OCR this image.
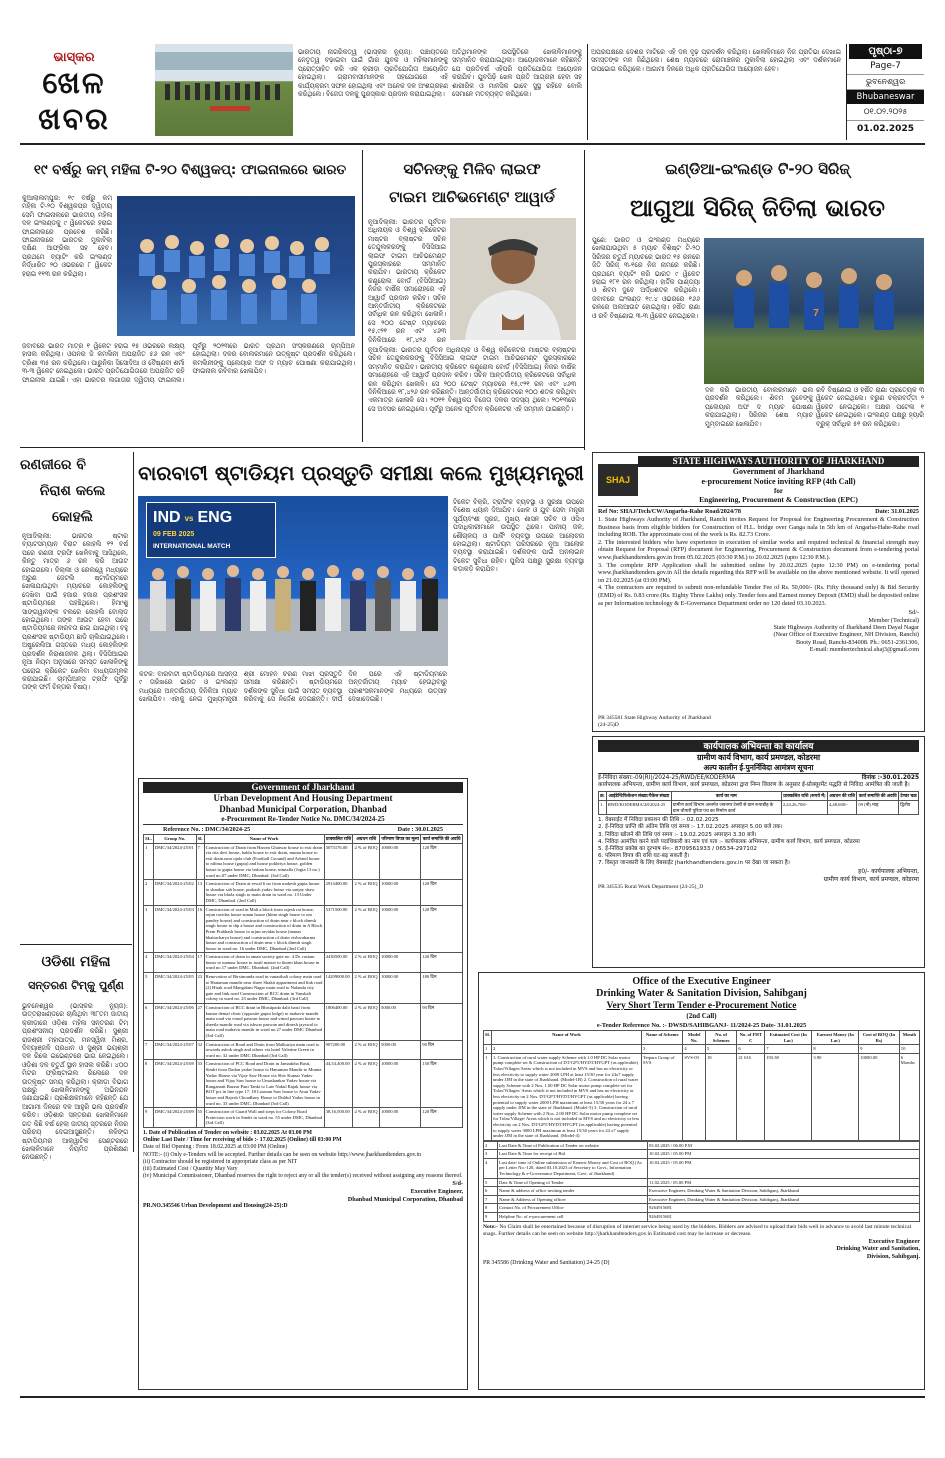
ଭାସ୍କର
ଖେଳ
ଖବର
ଭାରତୀୟ ନାଗରିକତ୍ୱ (ଭାସ୍କର ନ୍ୟୁଜ): ପଞ୍ଚାୟତରେ ନେତୃତ୍ୱ ବଢ଼ାଇବା ପାଇଁ ଗାଁର ଯୁବକ ଓ ମହିଳାମାନଙ୍କୁ ପ୍ରୋତ୍ସାହିତ କରି ଏକ କ୍ରୀଡ଼ା ପ୍ରତିଯୋଗିତା ଆୟୋଜିତ ହୋଇଥିଲା। ଗ୍ରାମବାସୀମାନଙ୍କ ସହଯୋଗରେ ଏହି କାର୍ଯ୍ୟକ୍ରମ ସଫଳ ହୋଇଥିଲା ଏବଂ ଅନେକ ଦଳ ଅଂଶଗ୍ରହଣ କରିଥିଲେ। ବିଜେତା ଦଳକୁ ପୁରସ୍କାର ପ୍ରଦାନ କରାଯାଇଥିଲା।
ଅତିଥିମାନଙ୍କ ଉପସ୍ଥିତିରେ ଖେଳାଳିମାନଙ୍କୁ ସମ୍ମାନିତ କରାଯାଇଥିଲା। ଆୟୋଜକମାନେ କହିଛନ୍ତି ଯେ ପ୍ରତିବର୍ଷ ଏହିପରି ପ୍ରତିଯୋଗିତା ଆୟୋଜନ କରାଯିବ। ଯୁବପିଢ଼ି ଖେଳ ପ୍ରତି ଆଗ୍ରହୀ ହେବା ସହ ଶାରୀରିକ ଓ ମାନସିକ ଭାବେ ସୁସ୍ଥ ରହିବେ ବୋଲି ସେମାନେ ମତବ୍ୟକ୍ତ କରିଥିଲେ।
ଅପରପକ୍ଷରେ ଦେଶର ମାଟିରେ ଏହି ଦଳ ଦୃଢ଼ ପ୍ରଦର୍ଶନ କରିଥିଲା। ଖେଳାଳିମାନେ ନିଜ ପ୍ରତିଭା ଦେଖାଇ ସମସ୍ତଙ୍କ ମନ ଜିଣିଥିଲେ। ଶେଷ ମ୍ୟାଚରେ ରୋମାଞ୍ଚକର ମୁକାବିଲା ହୋଇଥିଲା ଏବଂ ଦର୍ଶକମାନେ ଉପଭୋଗ କରିଥିଲେ। ଆଗାମୀ ଦିନରେ ଅଧିକ ପ୍ରତିଯୋଗିତା ଆୟୋଜନ ହେବ।
ପୃଷ୍ଠା-୭
Page-7
ଭୁବନେଶ୍ୱର
Bhubaneswar
୦୧.୦୨.୨୦୨୫
01.02.2025
୧୯ ବର୍ଷରୁ କମ୍ ମହିଳା ଟି-୨୦ ବିଶ୍ୱକପ୍: ଫାଇନାଲରେ ଭାରତ
କୁଆଲାଲମ୍ପୁର: ୧୯ ବର୍ଷରୁ କମ୍ ମହିଳା ଟି-୨୦ ବିଶ୍ୱକପ୍ର ଦ୍ୱିତୀୟ ସେମି ଫାଇନାଲରେ ଭାରତୀୟ ମହିଳା ଦଳ ଇଂଲଣ୍ଡକୁ ୯ ୱିକେଟରେ ହରାଇ ଫାଇନାଲରେ ପ୍ରବେଶ କରିଛି। ଫାଇନାଲରେ ଭାରତର ମୁକାବିଲା ଦକ୍ଷିଣ ଆଫ୍ରିକା ସହ ହେବ। ପ୍ରଥମେ ବ୍ୟାଟିଂ କରି ଇଂଲଣ୍ଡ ନିର୍ଦ୍ଧାରିତ ୨୦ ଓଭରରେ ୮ ୱିକେଟ ହରାଇ ୧୧୩ ରନ କରିଥିଲା।
ଜବାବରେ ଭାରତ ମାତ୍ର ୧ ୱିକେଟ ହରାଇ ୧୫ ଓଭରରେ ଲକ୍ଷ୍ୟ ହାସଲ କରିଥିଲା। ଓପନର ଜି କମଲିନୀ ଅପରାଜିତ ୫୬ ରନ ଏବଂ ତ୍ରିଶା ୩୫ ରନ କରିଥିଲେ। ପାରୁନିକା ସିସୋଦିଆ ଓ ବୈଷ୍ଣବୀ ଶର୍ମା ୩-୩ ୱିକେଟ ନେଇଥିଲେ। ଭାରତ ପ୍ରତିଯୋଗିତାରେ ଅପରାଜିତ ରହି ଫାଇନାଲ ଯାଇଛି। ଏହା ଭାରତର ଲଗାତାର ଦ୍ୱିତୀୟ ଫାଇନାଲ। ପୂର୍ବରୁ ୨୦୨୩ରେ ଭାରତ ପ୍ରଥମ ସଂସ୍କରଣରେ ଚାମ୍ପିଅନ ହୋଇଥିଲା। ଦଳର ବୋଲରମାନେ ଉତ୍କୃଷ୍ଟ ପ୍ରଦର୍ଶନ କରିଥିଲେ। କମଲିନୀଙ୍କୁ ପ୍ଲେୟାର ଅଫ ଦ ମ୍ୟାଚ ଘୋଷଣା କରାଯାଇଥିଲା। ଫାଇନାଲ ରବିବାର ଖେଳାଯିବ।
ସଚିନଙ୍କୁ ମିଳିବ ଲାଇଫ
ଟାଇମ ଆଚିଭମେଣ୍ଟ ଆୱାର୍ଡ
ନୂଆଦିଲ୍ଲୀ: ଭାରତର ପୂର୍ବତନ ଅଧିନାୟକ ଓ ବିଶ୍ୱ କ୍ରିକେଟର ମାଷ୍ଟର ବ୍ଲାଷ୍ଟର ସଚିନ ତେନ୍ଦୁଲକରଙ୍କୁ ବିସିସିଆଇ ଲାଇଫ ଟାଇମ ଆଚିଭମେଣ୍ଟ ପୁରସ୍କାରରେ ସମ୍ମାନିତ କରାଯିବ। ଭାରତୀୟ କ୍ରିକେଟ କଣ୍ଟ୍ରୋଲ ବୋର୍ଡ (ବିସିସିଆଇ) ନିଜର ବାର୍ଷିକ ସମାରୋହରେ ଏହି ଆୱାର୍ଡ ପ୍ରଦାନ କରିବ। ସଚିନ ଆନ୍ତର୍ଜାତୀୟ କ୍ରିକେଟରେ ସର୍ବାଧିକ ରନ କରିଥିବା ଖେଳାଳି। ସେ ୨୦୦ ଟେଷ୍ଟ ମ୍ୟାଚରେ ୧୫,୯୨୧ ରନ ଏବଂ ୪୬୩ ଦିନିକିଆରେ ୧୮,୪୨୬ ରନ
ନୂଆଦିଲ୍ଲୀ: ଭାରତର ପୂର୍ବତନ ଅଧିନାୟକ ଓ ବିଶ୍ୱ କ୍ରିକେଟର ମାଷ୍ଟର ବ୍ଲାଷ୍ଟର ସଚିନ ତେନ୍ଦୁଲକରଙ୍କୁ ବିସିସିଆଇ ଲାଇଫ ଟାଇମ ଆଚିଭମେଣ୍ଟ ପୁରସ୍କାରରେ ସମ୍ମାନିତ କରାଯିବ। ଭାରତୀୟ କ୍ରିକେଟ କଣ୍ଟ୍ରୋଲ ବୋର୍ଡ (ବିସିସିଆଇ) ନିଜର ବାର୍ଷିକ ସମାରୋହରେ ଏହି ଆୱାର୍ଡ ପ୍ରଦାନ କରିବ। ସଚିନ ଆନ୍ତର୍ଜାତୀୟ କ୍ରିକେଟରେ ସର୍ବାଧିକ ରନ କରିଥିବା ଖେଳାଳି। ସେ ୨୦୦ ଟେଷ୍ଟ ମ୍ୟାଚରେ ୧୫,୯୨୧ ରନ ଏବଂ ୪୬୩ ଦିନିକିଆରେ ୧୮,୪୨୬ ରନ କରିଛନ୍ତି। ଆନ୍ତର୍ଜାତୀୟ କ୍ରିକେଟରେ ୧୦୦ ଶତକ କରିଥିବା ଏକମାତ୍ର ଖେଳାଳି ସେ। ୨୦୧୧ ବିଶ୍ୱକପ ବିଜେତା ଦଳର ସଦସ୍ୟ ଥିଲେ। ୨୦୧୩ରେ ସେ ଅବସର ନେଇଥିଲେ। ପୂର୍ବରୁ ଅନେକ ପୂର୍ବତନ କ୍ରିକେଟର ଏହି ସମ୍ମାନ ପାଇଛନ୍ତି।
ଇଣ୍ଡିଆ-ଇଂଲଣ୍ଡ ଟି-୨୦ ସିରିଜ୍
ଆଗୁଆ ସିରିଜ୍ ଜିତିଲା ଭାରତ
ପୁଣେ: ଭାରତ ଓ ଇଂଲଣ୍ଡ ମଧ୍ୟରେ ଖେଳାଯାଉଥିବା ୫ ମ୍ୟାଚ ବିଶିଷ୍ଟ ଟି-୨୦ ସିରିଜର ଚତୁର୍ଥ ମ୍ୟାଚରେ ଭାରତ ୧୫ ରନରେ ଜିତି ସିରିଜ୍ ୩-୧ରେ ନିଜ ନାମରେ କରିଛି। ପ୍ରଥମେ ବ୍ୟାଟିଂ କରି ଭାରତ ୯ ୱିକେଟ ହରାଇ ୧୮୧ ରନ କରିଥିଲା। ହାର୍ଦ୍ଦିକ ପାଣ୍ଡ୍ୟା ଓ ଶିବମ ଦୁବେ ଅର୍ଦ୍ଧଶତକ କରିଥିଲେ। ଜବାବରେ ଇଂଲଣ୍ଡ ୧୯.୪ ଓଭରରେ ୧୬୬ ରନରେ ଅଲଆଉଟ ହୋଇଥିଲା। ହର୍ଷିତ ରାଣା ଓ ରବି ବିଷ୍ଣୋଇ ୩-୩ ୱିକେଟ ନେଇଥିଲେ।	7
ଦଳ କରି ଭାରତୀୟ ବୋଲରମାନେ ଭଲ ପ୍ରଦର୍ଶନ କରିଥିଲେ। ଶିବମ ଦୁବେଙ୍କୁ ପ୍ଲେୟାର ଅଫ ଦ ମ୍ୟାଚ ଘୋଷଣା କରାଯାଇଥିଲା। ସିରିଜର ଶେଷ ମ୍ୟାଚ ମୁମ୍ବାଇରେ ଖେଳାଯିବ।
ରବି ବିଷ୍ଣୋଇ ଓ ହର୍ଷିତ ରାଣା ପ୍ରତ୍ୟେକ ୩ ୱିକେଟ ନେଇଥିଲେ। ବରୁଣ ଚକ୍ରବର୍ତ୍ତୀ ୨ ୱିକେଟ ନେଇଥିଲେ। ଅକ୍ଷର ପଟେଲ ୧ ୱିକେଟ ନେଇଥିଲେ। ଇଂଲଣ୍ଡ ପକ୍ଷରୁ ହ୍ୟାରି ବ୍ରୁକ୍ ସର୍ବାଧିକ ୫୧ ରନ କରିଥିଲେ।
SHAJ
STATE HIGHWAYS AUTHORITY OF JHARKHAND
Government of Jharkhand
e-procurement Notice inviting RFP (4th Call)
for
Engineering, Procurement & Construction (EPC)
Ref No: SHAJ/Tech/CW/Angarha-Rahe Road/2024/78	Date: 31.01.2025

1. State Highways Authority of Jharkhand, Ranchi invites Request for Proposal for Engineering Procurement & Construction Business basis from eligible bidders for Construction of H.L. bridge over Ganga nala in 5th km of Angarha-Hahe-Rahe road including ROB. The approximate cost of the work is Rs. 82.73 Crore.

2. The interested bidders who have experience in execution of similar works and required technical & financial strength may obtain Request for Proposal (RFP) document for Engineering, Procurement & Construction document from e-tendering portal www.jharkhandtenders.gov.in from 05.02.2025 (03:30 P.M.) to 20.02.2025 (upto 12:30 P.M.).

3. The complete RFP Application shall be submitted online by 20.02.2025 (upto 12:30 PM) on e-tendering portal www.jharkhandtenders.gov.in All the details regarding this RFP will be available on the above mentioned website. It will opened on 21.02.2025 (at 03:00 PM).

4. The contractors are required to submit non-refundable Tender Fee of Rs. 50,000/- (Rs. Fifty thousand only) & Bid Security (EMD) of Rs. 0.83 crore (Rs. Eighty Three Lakhs) only. Tender fees and Earnest money Deposit (EMD) shall be deposited online as per Information technology & E-Governance Department order no 120 dated 03.10.2023.

Sd/-
Member (Technical)
State Highways Authority of Jharkhand Deen Dayal Nagar
(Near Office of Executive Engineer, NH Division, Ranchi)
Booty Road, Ranchi-834008. Ph.: 0651-2361306,
E-mail: membertechnical.shaj3@gmail.com
PR 345581 State Highway Authority of Jharkhand (24-25)D
कार्यपालक अभियन्ता का कार्यालय
ग्रामीण कार्य विभाग, कार्य प्रमण्डल, कोडरमा
अल्प कालीन ई-पुनर्निविदा आमंत्रण सूचना
ई-निविदा संख्या:-09(RI)/2024-25/RWD/EE/KODERMA	दिनांक :-30.01.2025
कार्यपालक अभियन्ता, ग्रामीण कार्य विभाग, कार्य प्रमण्डल, कोडरमा द्वारा निम्न विवरण के अनुसार ई-प्रोक्यूरमेंट पद्धति से निविदा आमंत्रित की जाती है।
क्र.	आईडेन्टिफिकेशन संख्या/पैकेज संख्या	कार्य का नाम	प्राक्कलित राशि (रूपये में)	अग्रधन की राशि	कार्य समाप्ति की अवधि	टेण्डर चक्र
1	RWD/KODERMA/28/2024-25	ग्रामीण कार्य विभाग अन्तर्गत जयनगर टेसरी से ग्राम रूपाडीह के ग्राम चौपारी पुरिया पथ का निर्माण कार्य	2,24,26,708/-	4,48,600/-	09 (नौ) माह	द्वितीय
1. वेबसाईट में निविदा प्रकाशन की तिथि :- 02.02.2025
2. ई-निविदा प्राप्ति की अंतिम तिथि एवं समय :- 17.02.2025 अपराहन 5.00 बजे तक।
3. निविदा खोलने की तिथि एवं समय :- 19.02.2025 अपराहन 3.30 बजे।
4. निविदा आमंत्रित करने वाले पदाधिकारी का नाम एवं पता :- कार्यपालक अभियन्ता, ग्रामीण कार्य विभाग, कार्य प्रमण्डल, कोडरमा
5. ई-निविदा प्रकोष्ठ का दूरभाष सं०:- 8709561933 / 06534-297102
6. परिमाण विपत्र की राशि घट-बढ़ सकती है।
7. विस्तृत जानकारी के लिए वेबसाईट jharkhandtenders.gov.in पर देखा जा सकता है।
ह0/- कार्यपालक अभियन्ता,
ग्रामीण कार्य विभाग, कार्य प्रमण्डल, कोडरमा
PR 345535 Rural Work Department (24-25)_D
ରଣଜୀରେ ବି
ନିରାଶ କଲେ
କୋହଲି
ନୂଆଦିଲ୍ଲୀ: ଭାରତର ଷ୍ଟାର ବ୍ୟାଟସମ୍ୟାନ ବିରାଟ କୋହଲି ୧୨ ବର୍ଷ ପରେ ରଣଜୀ ଟ୍ରଫି ଖେଳିବାକୁ ଆସିଥିଲେ, କିନ୍ତୁ ମାତ୍ର ୬ ରନ କରି ଆଉଟ ହୋଇଗଲେ। ଦିଲ୍ଲୀ ଓ ରେଲୱେ ମଧ୍ୟରେ ଅରୁଣ ଜେଟଲି ଷ୍ଟାଡିୟମରେ ଖେଳାଯାଉଥିବା ମ୍ୟାଚରେ କୋହଲିଙ୍କୁ ଦେଖିବା ପାଇଁ ହଜାର ହଜାର ପ୍ରଶଂସକ ଷ୍ଟାଡିୟମରେ ପହଞ୍ଚିଥିଲେ। ହିମାଂଶୁ ସାଙ୍ଗୱାନଙ୍କ ବଲରେ କୋହଲି ବୋଲ୍ଡ ହୋଇଥିଲେ। ତାଙ୍କ ଆଉଟ ହେବା ପରେ ଷ୍ଟାଡିୟମରେ ନୀରବତା ଛାଇ ଯାଇଥିଲା। ବହୁ ପ୍ରଶଂସକ ଷ୍ଟାଡିୟମ ଛାଡ଼ି ଚାଲିଯାଇଥିଲେ। ଅଷ୍ଟ୍ରେଲିଆ ଗସ୍ତରେ ମଧ୍ୟ କୋହଲିଙ୍କ ପ୍ରଦର୍ଶନ ନିରାଶାଜନକ ଥିଲା। ବିସିସିଆଇର ନୂଆ ନିୟମ ଅନୁସାରେ ସମସ୍ତ ଖେଳାଳିଙ୍କୁ ଘରୋଇ କ୍ରିକେଟ ଖେଳିବା ବାଧ୍ୟତାମୂଳକ କରାଯାଇଛି। ଚାମ୍ପିଅନ୍ସ ଟ୍ରଫି ପୂର୍ବରୁ ତାଙ୍କ ଫର୍ମ ଚିନ୍ତାର ବିଷୟ।
ବାରବାଟୀ ଷ୍ଟାଡିୟମ ପ୍ରସ୍ତୁତି ସମୀକ୍ଷା କଲେ ମୁଖ୍ୟମନ୍ତ୍ରୀ
IND vs ENG
09 FEB 2025
INTERNATIONAL MATCH
ଟିକେଟ ବିକ୍ରି, ଟ୍ରାଫିକ ବ୍ୟବସ୍ଥା ଓ ସୁରକ୍ଷା ଉପରେ ବିଶେଷ ଧ୍ୟାନ ଦିଆଯିବ। ଖେଳ ଓ ଯୁବ ସେବା ମନ୍ତ୍ରୀ ସୂର୍ଯ୍ୟବଂଶୀ ସୂରଜ, ମୁଖ୍ୟ ଶାସନ ସଚିବ ଓ ଓସିଏ ପଦାଧିକାରୀମାନେ ଉପସ୍ଥିତ ଥିଲେ। ପାନୀୟ ଜଳ, ଶୌଚାଳୟ ଓ ପାର୍କିଂ ବ୍ୟବସ୍ଥା ଉପରେ ଆଲୋଚନା ହୋଇଥିଲା। ଷ୍ଟାଡିୟମ ପରିସରରେ ନୂଆ ଆଲୋକ ବ୍ୟବସ୍ଥା କରାଯାଇଛି। ଦର୍ଶକଙ୍କ ପାଇଁ ଅନଲାଇନ ଟିକେଟ ସୁବିଧା ରହିବ। ପୁଲିସ ପକ୍ଷରୁ ସୁରକ୍ଷା ବ୍ୟବସ୍ଥା କଡ଼ାକଡ଼ି କରାଯିବ।
କଟକ: ବାରବାଟୀ ଷ୍ଟାଡିୟମରେ ଆସନ୍ତା ୯ ତାରିଖରେ ଭାରତ ଓ ଇଂଲଣ୍ଡ ମଧ୍ୟରେ ଅନ୍ତର୍ଜାତୀୟ ଦିନିକିଆ ମ୍ୟାଚ ଖେଳାଯିବ। ଏହାକୁ ନେଇ ମୁଖ୍ୟମନ୍ତ୍ରୀ ଶ୍ରୀ ମୋହନ ଚରଣ ମାଝୀ ପ୍ରସ୍ତୁତି ସମୀକ୍ଷା କରିଛନ୍ତି। ଷ୍ଟାଡିୟମରେ ଦର୍ଶକଙ୍କ ସୁବିଧା ପାଇଁ ସମସ୍ତ ବ୍ୟବସ୍ଥା କରିବାକୁ ସେ ନିର୍ଦ୍ଦେଶ ଦେଇଛନ୍ତି। ଦୀର୍ଘ ଦିନ ପରେ ଏହି ଷ୍ଟାଡିୟମରେ ଅନ୍ତର୍ଜାତୀୟ ମ୍ୟାଚ ହେଉଥିବାରୁ ପ୍ରଶଂସକମାନଙ୍କ ମଧ୍ୟରେ ଉତ୍ସାହ ଦେଖାଦେଇଛି।
ଓଡିଶା ମହିଳା
ସନ୍ତରଣ ଟିମ୍କୁ ପୁର୍ଣ୍ଣ
ଭୁବନେଶ୍ୱର (ଭାସ୍କର ନ୍ୟୁଜ): ଉତ୍ତରାଖଣ୍ଡରେ ଚାଲିଥିବା ୩୮ତମ ଜାତୀୟ କ୍ରୀଡ଼ାରେ ଓଡ଼ିଶା ମହିଳା ସନ୍ତରଣ ଟିମ୍ ପ୍ରଶଂସନୀୟ ପ୍ରଦର୍ଶନ କରିଛି। ସୁଶ୍ରୀ ରାଜଶ୍ରୀ ମହାପାତ୍ର, ମନସ୍ୱିନୀ ମିଶ୍ର, ଦିବ୍ୟାଞ୍ଜଳି ପ୍ରଧାନ ଓ ସୁଶ୍ରୀ ଭୟଶ୍ରୀ ଦଳ ରିଲେ ଇଭେଣ୍ଟରେ ଭାଗ ନେଇଥିଲେ। ଓଡ଼ିଶା ଦଳ ଚତୁର୍ଥ ସ୍ଥାନ ହାସଲ କରିଛି। ୪୦୦ ମିଟର ଫ୍ରିଷ୍ଟାଇଲ ରିଲେରେ ଦଳ ଉତ୍କୃଷ୍ଟ ସମୟ କରିଥିଲା। କ୍ରୀଡ଼ା ବିଭାଗ ପକ୍ଷରୁ ଖେଳାଳିମାନଙ୍କୁ ଅଭିନନ୍ଦନ ଜଣାଯାଇଛି। ପ୍ରଶିକ୍ଷକମାନେ କହିଛନ୍ତି ଯେ ଆଗାମୀ ଦିନରେ ଦଳ ଆହୁରି ଭଲ ପ୍ରଦର୍ଶନ କରିବ। ଓଡ଼ିଶାର ସନ୍ତରଣ ଖେଳାଳିମାନେ ଗତ କିଛି ବର୍ଷ ହେଲା ଜାତୀୟ ସ୍ତରରେ ନିଜର ପରିଚୟ ଦେଇଆସୁଛନ୍ତି। କଳିଙ୍ଗ ଷ୍ଟାଡିୟମର ଆକ୍ୱାଟିକ ସେଣ୍ଟରରେ ଖେଳାଳିମାନେ ନିୟମିତ ପ୍ରଶିକ୍ଷଣ ନେଉଛନ୍ତି।
Government of Jharkhand
Urban Development And Housing Department
Dhanbad Municipal Corporation, Dhanbad
e-Procurement Re-Tender Notice No. DMC/34/2024-25
Reference No. : DMC/34/2024-25	Date : 30.01.2025
SL.	Group No.	Sl.	Name of Work	प्राक्कलित राशि	अग्रधन राशि	परिमाण विपत्र का मूल्य	कार्य समाप्ति की अवधि
1	DMC/34/2024-25/01	7	Construction of Drain from Harom Ghatwar house to exit drain via rita devi house, bablu house to exit drain, muma house to exit drain near ujala club (Football Ground) and Arbind house to nilima house (gupta) and house pokhriya house, golden house to gupta house via lashan house, nimtalla (Jogta 13 no.) ward no.07 under DMC, Dhanbad. (3rd Call)	3073176.00	2 % of BOQ	10000.00	120 दिन
2	DMC/34/2024-25/02	13	Construction of Drain at erwal 6 no from mahesh gupta house to shankar sah house, prakash yadav house via sanjay shaw house via bhola singh to main drain in ward no. 13 Under DMC, Dhanbad. (2nd Call)	2914400.00	2 % of BOQ	10000.00	120 दिन
3	DMC/34/2024-25/03	16	Construction of road in Mali a block from rajesh rai house, arjun ravidas house sunan house (bhim singh house to om pandey house) and construction of drain near c block dinesh singh house to dip a house and construction of drain in A Block Prem Prabhash house to arjun ravidas house (manas bhattacharya house) and construction of drain vishwakarma house and construction of drain near c block dinesh singh house in ward no. 16 under DMC, Dhanbad (2nd Call)	5371500.00	2 % of BOQ	10000.00	120 दिन
4	DMC/34/2024-25/04	17	Construction of drain in aman society gate no. 4 Dr. rustam house to manusr house to israil master to ikram khan house in ward no.17 under DMC, Dhanbad. (2nd Call)	4430500.00	2 % of BOQ	10000.00	120 दिन
5	DMC/34/2024-25/05	23	Renovation of Birsimunda road in vanasthali colony main road to Hanuman mandir near shree Shakti appartment and link road (2) Hirak road Mangalam Nagar main road to Nalanda city gate and link road Construction of RCC drain in Vanshali colony in ward no. 23 under DMC, Dhanbad. (3rd Call)	14209000.00	2 % of BOQ	10000.00	180 दिन
6	DMC/34/2024-25/06	27	Construction of RCC drain in Bhistipada dalit basti from kumar dental clinic (opposite gupta lodge) to mahavir mandir main road via vinod paswan house and vinod paswan house to sheetla mandir road via ishwar paswan and dinesh jayswal to main road mahavir mandir in ward no.27 under DMC Dhanbad (3rd Call)	1806400.00	2 % of BOQ	5000.00	90 दिन
7	DMC/34/2024-25/07	32	Construction of Road and Drain from Malkuriya main road to towards ashok singh and others via hotel Valerine Green in ward no. 32 under DMC Dhanbad (3rd Call)	907200.00	2 % of BOQ	5000.00	90 दिन
8	DMC/34/2024-25/08	33	Construction of PCC Road and Drain in Jamadoba Basti, Sindri from Dadan yadav house to Hanuman Mandir to Munna Yadav House via Vijay Saw House via Shiv Kumar Yadav house and Vijay Saw house to Umashankar Yadav house via Rangamati Bazzar Pani Tanki to Late Nakul Rajak house via BOT pct in line type 17, 18 Laxman Saw house to Arun Yadav house and Rajesh Choudhary House to Duldul Yadav house in ward no. 33 under DMC, Dhanbad (3rd Call)	44,54,400.00	2 % of BOQ	10000.00	150 दिन
9	DMC/34/2024-25/09	55	Construction of Guard Wall and steps for Colony Road Protection work in Sindri in ward no. 55 under DMC, Dhanbad (3rd Call)	38,16,500.00	2 % of BOQ	10000.00	120 दिन
1. Date of Publication of Tender on website : 03.02.2025 At 03.00 PM
Online Last Date / Time for receiving of bids :- 17.02.2025 (Online) till 03:00 PM
Date of Bid Opening : From 18.02.2025 at 03:00 PM (Online)
NOTE:- (i) Only e-Tenders will be accepted. Further details can be seen on website http://www.jharkhandtenders.gov.in
(ii) Contractor should be registered in appropriate class as per NIT
(iii) Estimated Cost / Quantity May Vary
(iv) Municipal Commissioner, Dhanbad reserves the right to reject any or all the tender(s) received without assigning any reasons thereof.
S/d-
Executive Engineer,
Dhanbad Municipal Corporation, Dhanbad
PR.NO.345546 Urban Development and Housing(24-25):D
Office of the Executive Engineer
Drinking Water & Sanitation Division, Sahibganj
Very Short Term Tender e-Procurement Notice
(2nd Call)
e-Tender Reference No. :- DWSD/SAHIBGANJ- 11/2024-25 Date- 31.01.2025
Sl.	Name of Work	Name of Scheme	Model No.	No. of Schemes	No. of FHT C	Estimated Cost (In Lac)	Earnest Money (In Lac)	Cost of BOQ (In Rs)	Month
1	2	3	4	5	6	7	8	9	10
1	1. Construction of rural water supply Scheme with 1.0 HP DC Solar motor pump complete set & Construction of DT/GPT/HYDT/HYGPT (as applicable) Tolas/Villages/Areas which is not included in MVS and has no electricity or less electricity to supply water 2000 LPH at least 15/30 year for 24x7 supply under JJM in the state of Jharkhand. (Model-1B) 2. Construction of rural water supply Scheme with 2 Nos. 1.00 HP DC Solar motor pump complete set for Tolas/Villages/ Areas which is not included in MVS and has no electricity or less electricity on 2 Nos. DT/GPT/HYDT/HYGPT (as applicable) having potential to supply water 2000 LPH maximum at least 15/30 years for 24 x 7 supply under JJM in the state of Jharkhand. (Model-3) 3. Construction of rural water supply Scheme with 2 Nos. 2.00 HP DC Solar motor pump complete set for Tolas/Village/ Areas which is not included in MVS and no electricity or less electricity on 2 Nos. DT/GPT/HYDT/HYGPT (as applicable) having potential to supply water 3000 LPH maximum at least 15/30 years for 24 x7 supply under JJM in the state of Jharkhand. (Model-4)	Tetpara Group of SVS	SVS-03	18	21 616	193.38	3.90	10000.00	6 Months
2	Last Date & Time of Publication of Tender on website	03.02.2025 / 06.00 P.M
3	Last Date & Time for receipt of Bid	10.02.2025 / 05.00 PM
4	Last date/ time of Online submission of Earnest Money and Cost of BOQ (As per Letter No.-120, dated 03.10.2023 of Secretary to Govt., Information Technology & e-Governance Department, Govt. of Jharkhand)	10.02.2025 / 05.00 PM
5	Date & Time of Opening of Tender	11.02.2025 / 05.00 PM
6	Name & address of office inviting tender	Executive Engineer, Drinking Water & Sanitation Division, Sahibganj, Jharkhand
7	Name & Address of Opening officer	Executive Engineer, Drinking Water & Sanitation Division, Sahibganj, Jharkhand
8	Contact No. of Procurement Office	9264915681
9	Helpline No. of e-procurement cell	9264915681
Note:- No Claim shall be entertained because of disruption of internet service being used by the bidders. Bidders are advised to upload their bids well in advance to avoid last minute technical snags. Further details can be seen on website http://jharkhandtenders.gov.in Estimated cost may be increase or decrease.
Executive Engineer
Drinking Water and Sanitation,
Division, Sahibganj.
PR 345586 (Drinking Water and Sanitation) 24-25 (D)
